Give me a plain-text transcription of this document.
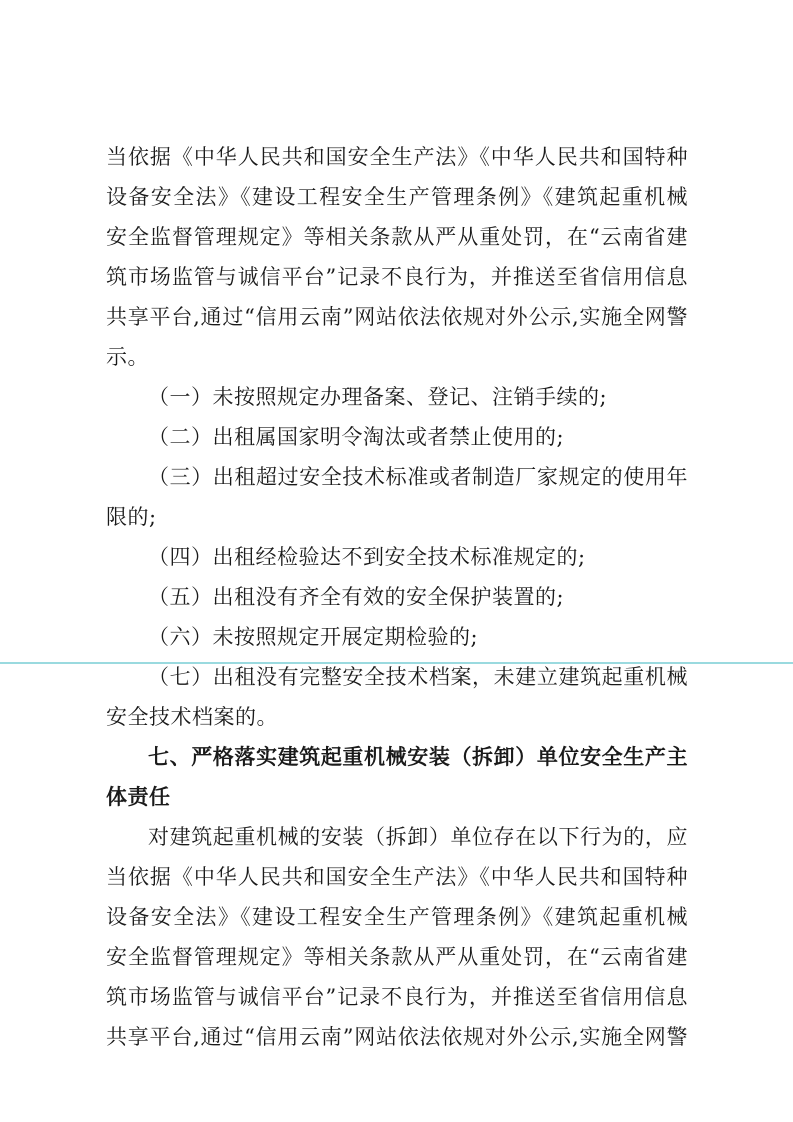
当依据《中华人民共和国安全生产法》《中华人民共和国特种
设备安全法》《建设工程安全生产管理条例》《建筑起重机械
安全监督管理规定》等相关条款从严从重处罚，在“云南省建
筑市场监管与诚信平台”记录不良行为，并推送至省信用信息
共享平台,通过“信用云南”网站依法依规对外公示,实施全网警
示。
（一）未按照规定办理备案、登记、注销手续的;
（二）出租属国家明令淘汰或者禁止使用的;
（三）出租超过安全技术标准或者制造厂家规定的使用年
限的;
（四）出租经检验达不到安全技术标准规定的;
（五）出租没有齐全有效的安全保护装置的;
（六）未按照规定开展定期检验的;
（七）出租没有完整安全技术档案，未建立建筑起重机械
安全技术档案的。
七、严格落实建筑起重机械安装（拆卸）单位安全生产主
体责任
对建筑起重机械的安装（拆卸）单位存在以下行为的，应
当依据《中华人民共和国安全生产法》《中华人民共和国特种
设备安全法》《建设工程安全生产管理条例》《建筑起重机械
安全监督管理规定》等相关条款从严从重处罚，在“云南省建
筑市场监管与诚信平台”记录不良行为，并推送至省信用信息
共享平台,通过“信用云南”网站依法依规对外公示,实施全网警
